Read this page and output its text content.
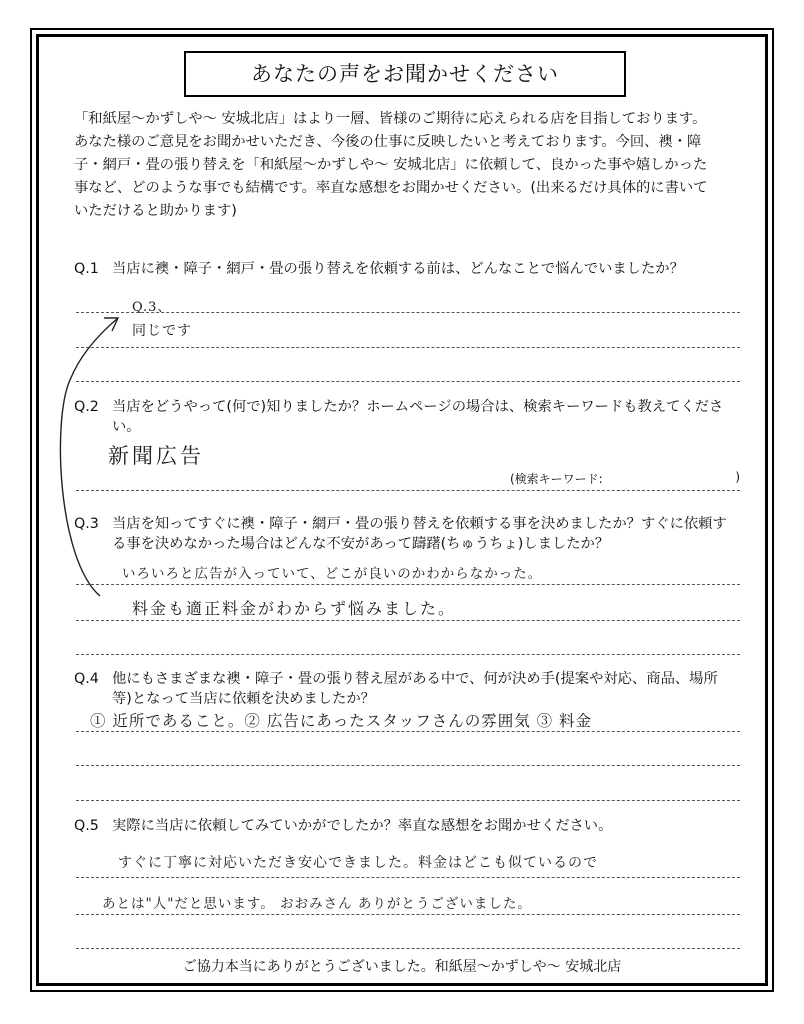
あなたの声をお聞かせください

「和紙屋〜かずしや〜 安城北店」はより一層、皆様のご期待に応えられる店を目指しております。

あなた様のご意見をお聞かせいただき、今後の仕事に反映したいと考えております。今回、襖・障

子・網戸・畳の張り替えを「和紙屋〜かずしや〜 安城北店」に依頼して、良かった事や嬉しかった

事など、どのような事でも結構です。率直な感想をお聞かせください。(出来るだけ具体的に書いて

いただけると助かります)

Q.1 当店に襖・障子・網戸・畳の張り替えを依頼する前は、どんなことで悩んでいましたか？

Q.3、
同じです

Q.2 当店をどうやって(何で)知りましたか？ホームページの場合は、検索キーワードも教えてくださ

い。

新聞広告
(検索キーワード:	)

Q.3 当店を知ってすぐに襖・障子・網戸・畳の張り替えを依頼する事を決めましたか？すぐに依頼す

る事を決めなかった場合はどんな不安があって躊躇(ちゅうちょ)しましたか？

いろいろと広告が入っていて、どこが良いのかわからなかった。
料金も適正料金がわからず悩みました。

Q.4 他にもさまざまな襖・障子・畳の張り替え屋がある中で、何が決め手(提案や対応、商品、場所

等)となって当店に依頼を決めましたか？

① 近所であること。② 広告にあったスタッフさんの雰囲気 ③ 料金

Q.5 実際に当店に依頼してみていかがでしたか？率直な感想をお聞かせください。

すぐに丁寧に対応いただき安心できました。料金はどこも似ているので
あとは"人"だと思います。 おおみさん ありがとうございました。
ご協力本当にありがとうございました。和紙屋〜かずしや〜 安城北店
